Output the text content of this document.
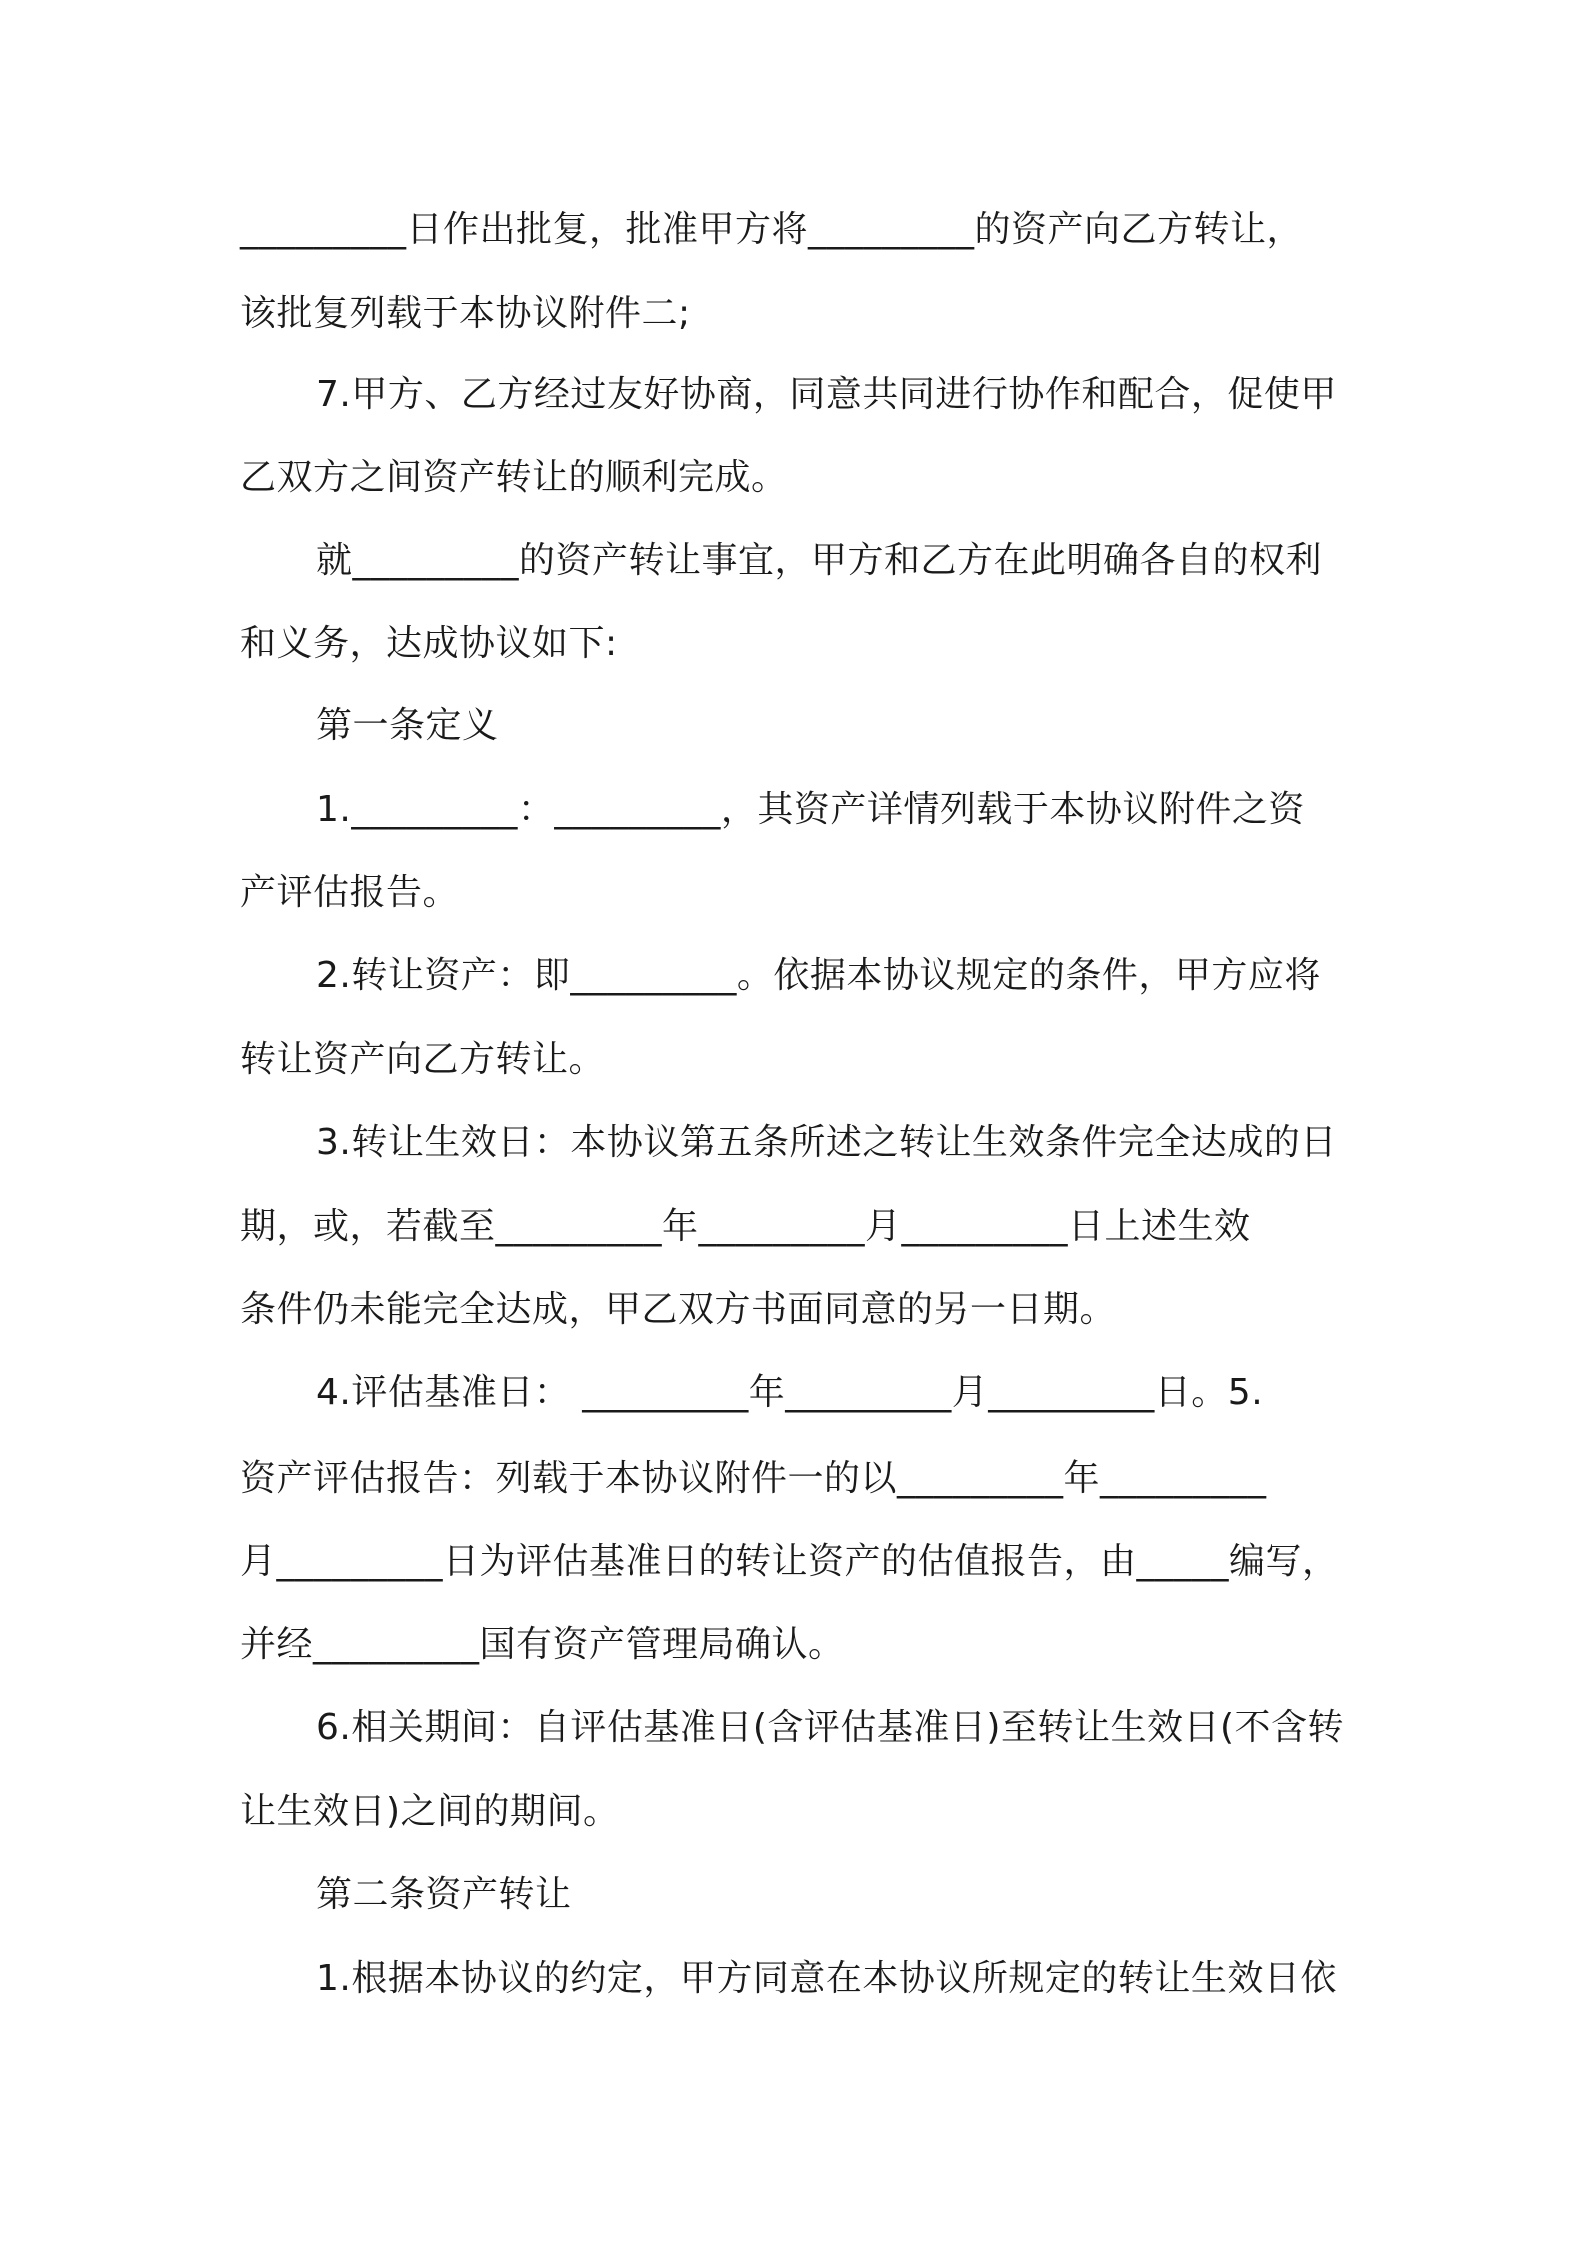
_________日作出批复，批准甲方将_________的资产向乙方转让，
该批复列载于本协议附件二;
7.甲方、乙方经过友好协商，同意共同进行协作和配合，促使甲
乙双方之间资产转让的顺利完成。
就_________的资产转让事宜，甲方和乙方在此明确各自的权利
和义务，达成协议如下:
第一条定义
1._________：_________，其资产详情列载于本协议附件之资
产评估报告。
2.转让资产：即_________。依据本协议规定的条件，甲方应将
转让资产向乙方转让。
3.转让生效日：本协议第五条所述之转让生效条件完全达成的日
期，或，若截至_________年_________月_________日上述生效
条件仍未能完全达成，甲乙双方书面同意的另一日期。
4.评估基准日： _________年_________月_________日。5.
资产评估报告：列载于本协议附件一的以_________年_________
月_________日为评估基准日的转让资产的估值报告，由_____编写，
并经_________国有资产管理局确认。
6.相关期间：自评估基准日(含评估基准日)至转让生效日(不含转
让生效日)之间的期间。
第二条资产转让
1.根据本协议的约定，甲方同意在本协议所规定的转让生效日依
